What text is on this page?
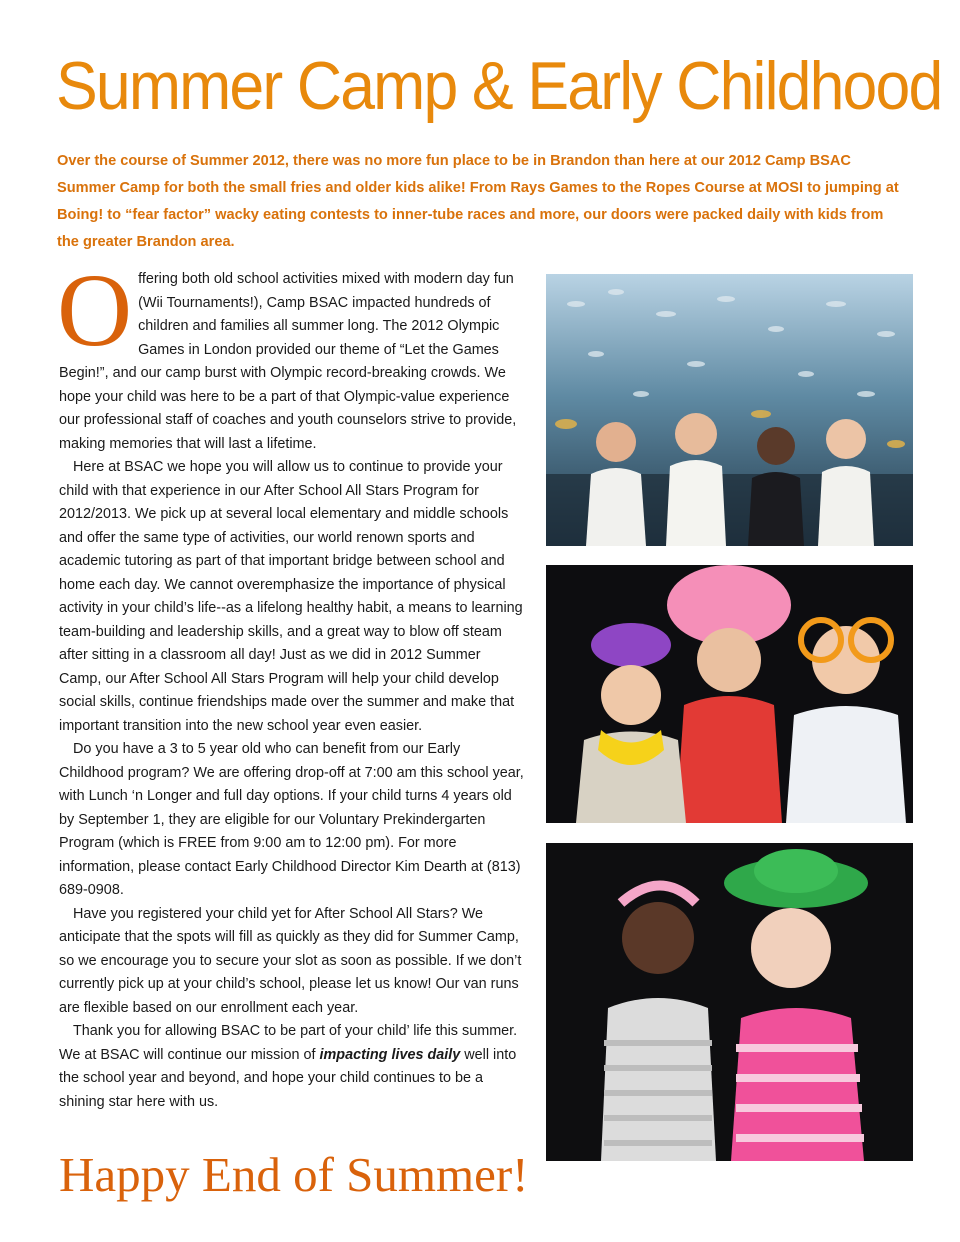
Summer Camp & Early Childhood

Over the course of Summer 2012, there was no more fun place to be in Brandon than here at our 2012 Camp BSAC Summer Camp for both the small fries and older kids alike! From Rays Games to the Ropes Course at MOSI to jumping at Boing! to “fear factor” wacky eating contests to inner-tube races and more, our doors were packed daily with kids from the greater Brandon area.

Offering both old school activities mixed with modern day fun (Wii Tournaments!), Camp BSAC impacted hundreds of children and families all summer long. The 2012 Olympic Games in London provided our theme of “Let the Games Begin!”, and our camp burst with Olympic record-breaking crowds. We hope your child was here to be a part of that Olympic-value experience our professional staff of coaches and youth counselors strive to provide, making memories that will last a lifetime.

Here at BSAC we hope you will allow us to continue to provide your child with that experience in our After School All Stars Program for 2012/2013. We pick up at several local elementary and middle schools and offer the same type of activities, our world renown sports and academic tutoring as part of that important bridge between school and home each day. We cannot overemphasize the importance of physical activity in your child’s life--as a lifelong healthy habit, a means to learning team-building and leadership skills, and a great way to blow off steam after sitting in a classroom all day! Just as we did in 2012 Summer Camp, our After School All Stars Program will help your child develop social skills, continue friendships made over the summer and make that important transition into the new school year even easier.

Do you have a 3 to 5 year old who can benefit from our Early Childhood program? We are offering drop-off at 7:00 am this school year, with Lunch ‘n Longer and full day options. If your child turns 4 years old by September 1, they are eligible for our Voluntary Prekindergarten Program (which is FREE from 9:00 am to 12:00 pm). For more information, please contact Early Childhood Director Kim Dearth at (813) 689-0908.

Have you registered your child yet for After School All Stars? We anticipate that the spots will fill as quickly as they did for Summer Camp, so we encourage you to secure your slot as soon as possible. If we don’t currently pick up at your child’s school, please let us know! Our van runs are flexible based on our enrollment each year.

Thank you for allowing BSAC to be part of your child’ life this summer. We at BSAC will continue our mission of impacting lives daily well into the school year and beyond, and hope your child continues to be a shining star here with us.

Happy End of Summer!
